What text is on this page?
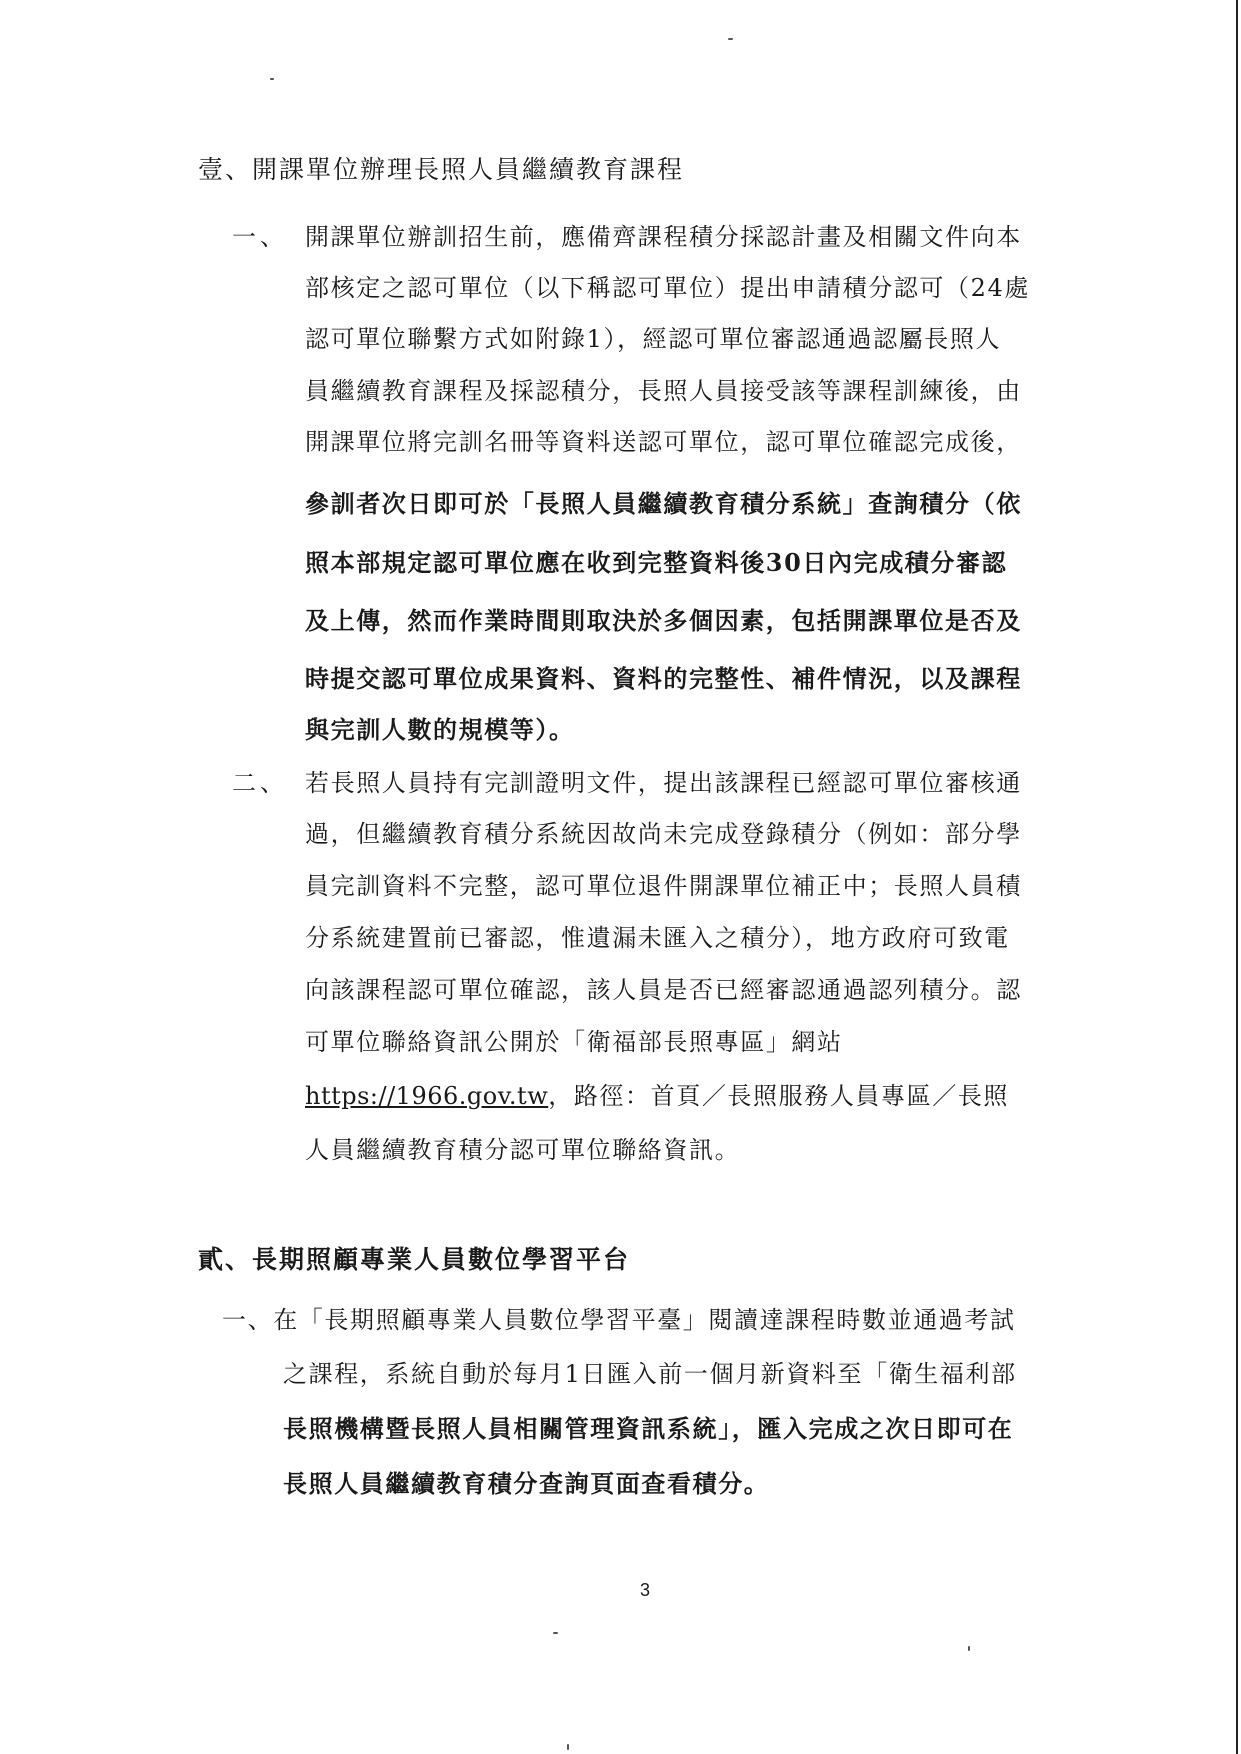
壹、開課單位辦理長照人員繼續教育課程
一、 開課單位辦訓招生前，應備齊課程積分採認計畫及相關文件向本
部核定之認可單位（以下稱認可單位）提出申請積分認可（24處
認可單位聯繫方式如附錄1），經認可單位審認通過認屬長照人
員繼續教育課程及採認積分，長照人員接受該等課程訓練後，由
開課單位將完訓名冊等資料送認可單位，認可單位確認完成後，
參訓者次日即可於「長照人員繼續教育積分系統」查詢積分（依
照本部規定認可單位應在收到完整資料後30日內完成積分審認
及上傳，然而作業時間則取決於多個因素，包括開課單位是否及
時提交認可單位成果資料、資料的完整性、補件情況，以及課程
與完訓人數的規模等）。
二、 若長照人員持有完訓證明文件，提出該課程已經認可單位審核通
過，但繼續教育積分系統因故尚未完成登錄積分（例如：部分學
員完訓資料不完整，認可單位退件開課單位補正中；長照人員積
分系統建置前已審認，惟遺漏未匯入之積分），地方政府可致電
向該課程認可單位確認，該人員是否已經審認通過認列積分。認
可單位聯絡資訊公開於「衛福部長照專區」網站
https://1966.gov.tw，路徑：首頁／長照服務人員專區／長照
人員繼續教育積分認可單位聯絡資訊。
貳、長期照顧專業人員數位學習平台
一、在「長期照顧專業人員數位學習平臺」閱讀達課程時數並通過考試
之課程，系統自動於每月1日匯入前一個月新資料至「衛生福利部
長照機構暨長照人員相關管理資訊系統」，匯入完成之次日即可在
長照人員繼續教育積分查詢頁面查看積分。
3
